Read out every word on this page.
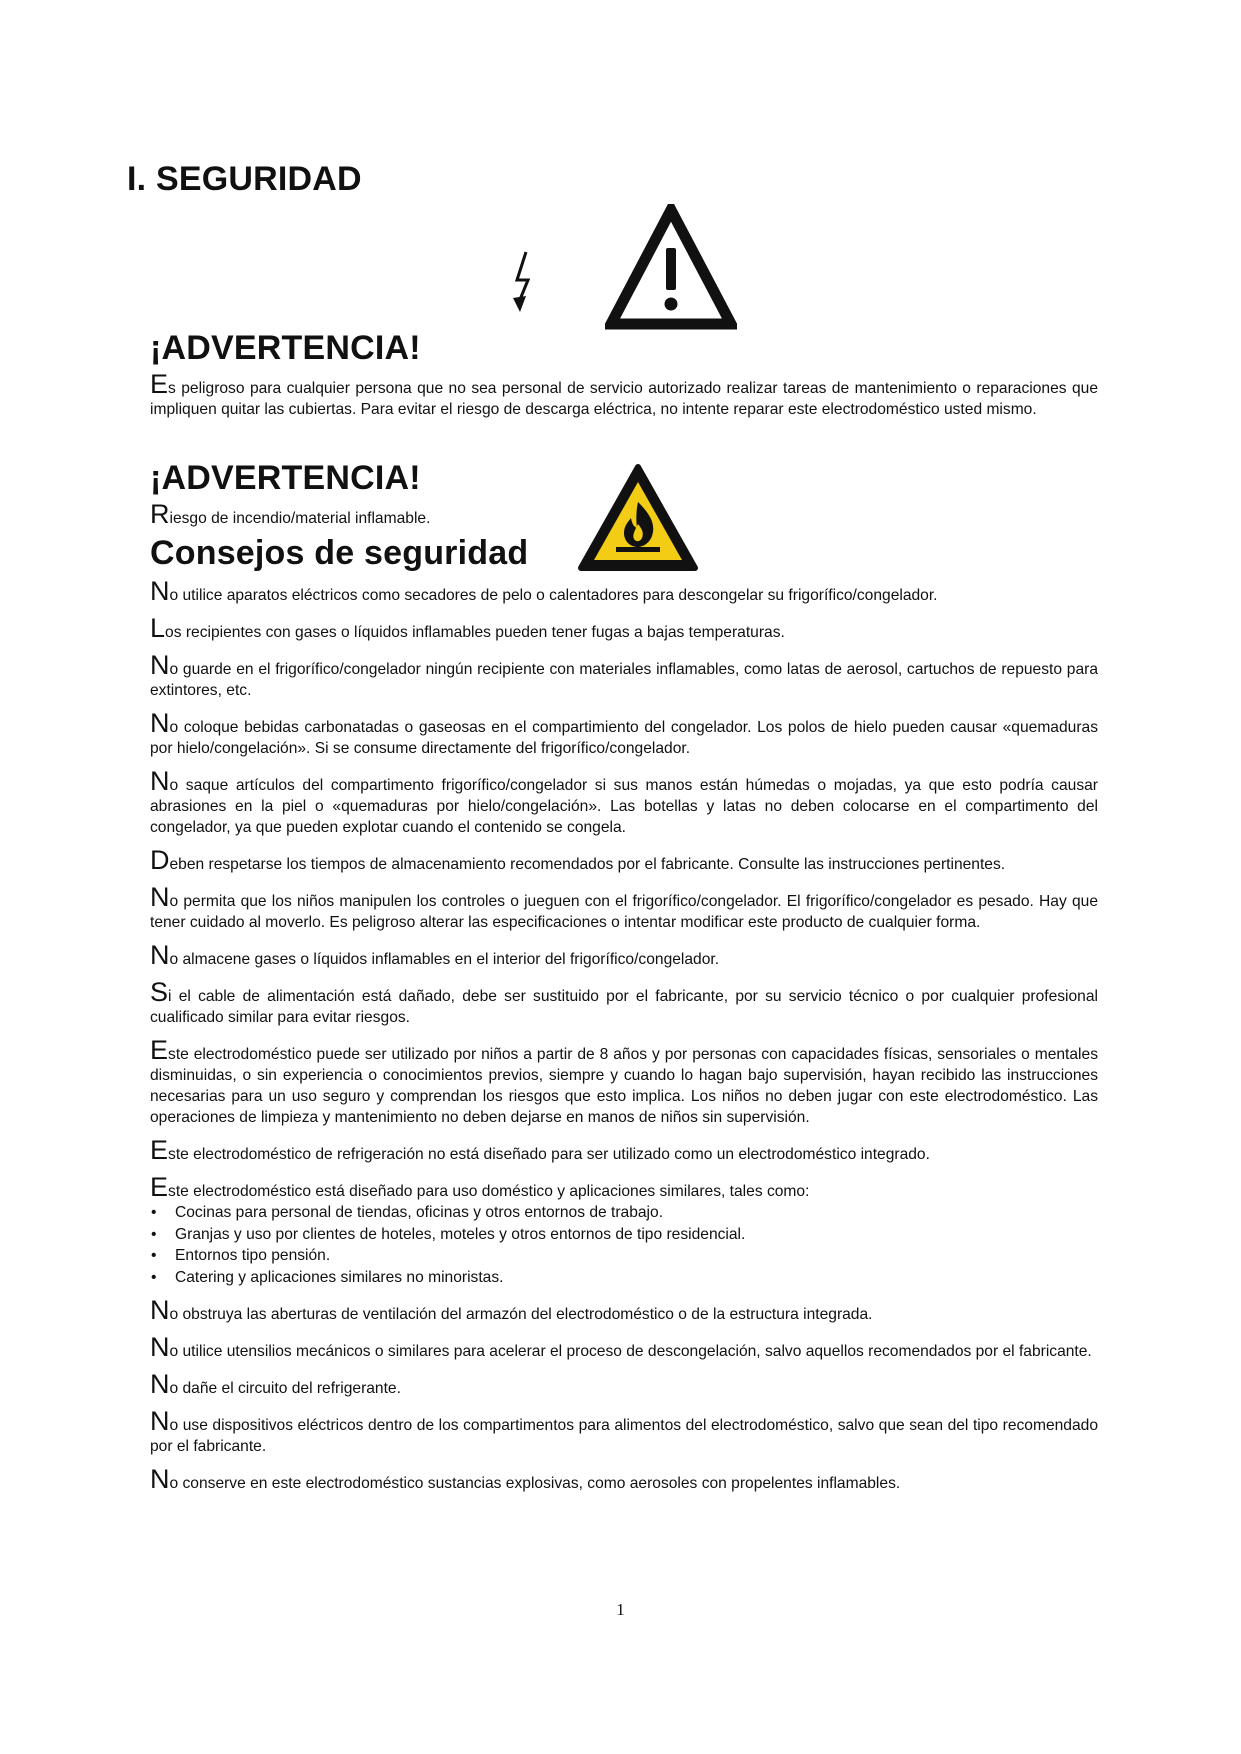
I. SEGURIDAD
¡ADVERTENCIA!

Es peligroso para cualquier persona que no sea personal de servicio autorizado realizar tareas de mantenimiento o reparaciones que impliquen quitar las cubiertas. Para evitar el riesgo de descarga eléctrica, no intente reparar este electrodoméstico usted mismo.

¡ADVERTENCIA!

Riesgo de incendio/material inflamable.

Consejos de seguridad

No utilice aparatos eléctricos como secadores de pelo o calentadores para descongelar su frigorífico/congelador.

Los recipientes con gases o líquidos inflamables pueden tener fugas a bajas temperaturas.

No guarde en el frigorífico/congelador ningún recipiente con materiales inflamables, como latas de aerosol, cartuchos de repuesto para extintores, etc.

No coloque bebidas carbonatadas o gaseosas en el compartimiento del congelador. Los polos de hielo pueden causar «quemaduras por hielo/congelación». Si se consume directamente del frigorífico/congelador.

No saque artículos del compartimento frigorífico/congelador si sus manos están húmedas o mojadas, ya que esto podría causar abrasiones en la piel o «quemaduras por hielo/congelación». Las botellas y latas no deben colocarse en el compartimento del congelador, ya que pueden explotar cuando el contenido se congela.

Deben respetarse los tiempos de almacenamiento recomendados por el fabricante. Consulte las instrucciones pertinentes.

No permita que los niños manipulen los controles o jueguen con el frigorífico/congelador. El frigorífico/congelador es pesado. Hay que tener cuidado al moverlo. Es peligroso alterar las especificaciones o intentar modificar este producto de cualquier forma.

No almacene gases o líquidos inflamables en el interior del frigorífico/congelador.

Si el cable de alimentación está dañado, debe ser sustituido por el fabricante, por su servicio técnico o por cualquier profesional cualificado similar para evitar riesgos.

Este electrodoméstico puede ser utilizado por niños a partir de 8 años y por personas con capacidades físicas, sensoriales o mentales disminuidas, o sin experiencia o conocimientos previos, siempre y cuando lo hagan bajo supervisión, hayan recibido las instrucciones necesarias para un uso seguro y comprendan los riesgos que esto implica. Los niños no deben jugar con este electrodoméstico. Las operaciones de limpieza y mantenimiento no deben dejarse en manos de niños sin supervisión.

Este electrodoméstico de refrigeración no está diseñado para ser utilizado como un electrodoméstico integrado.

Este electrodoméstico está diseñado para uso doméstico y aplicaciones similares, tales como:

• Cocinas para personal de tiendas, oficinas y otros entornos de trabajo.
• Granjas y uso por clientes de hoteles, moteles y otros entornos de tipo residencial.
• Entornos tipo pensión.
• Catering y aplicaciones similares no minoristas.

No obstruya las aberturas de ventilación del armazón del electrodoméstico o de la estructura integrada.

No utilice utensilios mecánicos o similares para acelerar el proceso de descongelación, salvo aquellos recomendados por el fabricante.

No dañe el circuito del refrigerante.

No use dispositivos eléctricos dentro de los compartimentos para alimentos del electrodoméstico, salvo que sean del tipo recomendado por el fabricante.

No conserve en este electrodoméstico sustancias explosivas, como aerosoles con propelentes inflamables.

1
